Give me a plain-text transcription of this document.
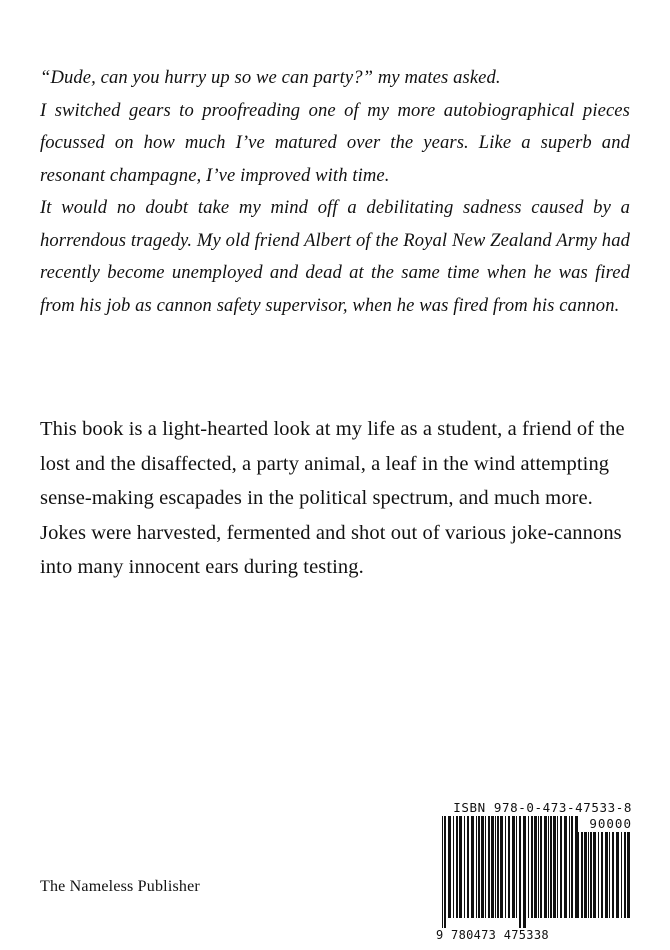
“Dude, can you hurry up so we can party?” my mates asked.

I switched gears to proofreading one of my more autobiographical pieces focussed on how much I’ve matured over the years. Like a superb and resonant champagne, I’ve improved with time.

It would no doubt take my mind off a debilitating sadness caused by a horrendous tragedy. My old friend Albert of the Royal New Zealand Army had recently become unemployed and dead at the same time when he was fired from his job as cannon safety supervisor, when he was fired from his cannon.

This book is a light-hearted look at my life as a student, a friend of the lost and the disaffected, a party animal, a leaf in the wind attempting sense-making escapades in the political spectrum, and much more. Jokes were harvested, fermented and shot out of various joke-cannons into many innocent ears during testing.
The Nameless Publisher
ISBN 978-0-473-47533-8
90000
9 780473 475338
